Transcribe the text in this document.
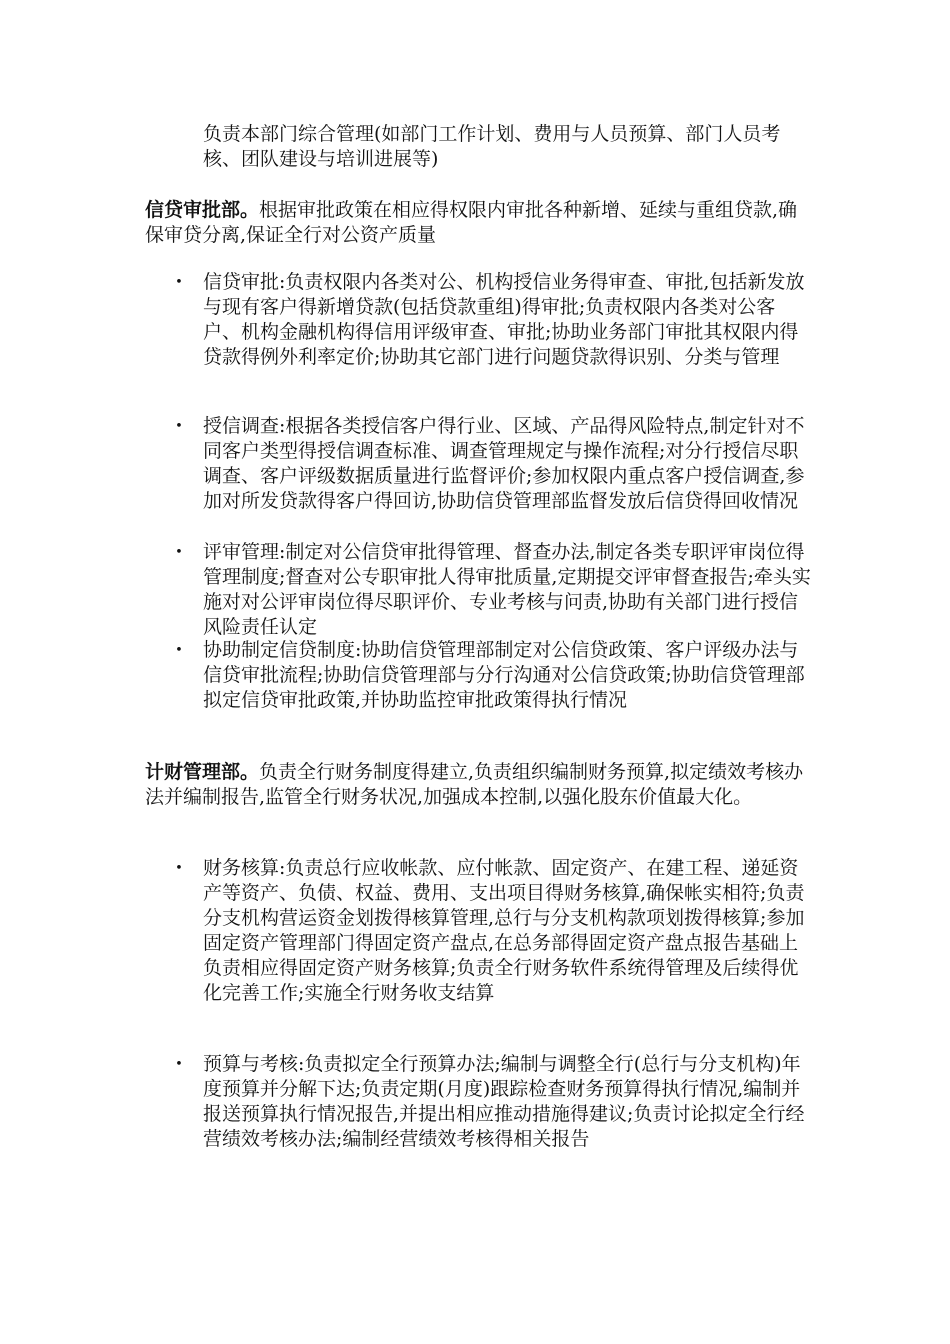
负责本部门综合管理(如部门工作计划、费用与人员预算、部门人员考核、团队建设与培训进展等)

信贷审批部。根据审批政策在相应得权限内审批各种新增、延续与重组贷款,确保审贷分离,保证全行对公资产质量

• 信贷审批:负责权限内各类对公、机构授信业务得审查、审批,包括新发放与现有客户得新增贷款(包括贷款重组)得审批;负责权限内各类对公客户、机构金融机构得信用评级审查、审批;协助业务部门审批其权限内得贷款得例外利率定价;协助其它部门进行问题贷款得识别、分类与管理
• 授信调查:根据各类授信客户得行业、区域、产品得风险特点,制定针对不同客户类型得授信调查标准、调查管理规定与操作流程;对分行授信尽职调查、客户评级数据质量进行监督评价;参加权限内重点客户授信调查,参加对所发贷款得客户得回访,协助信贷管理部监督发放后信贷得回收情况
• 评审管理:制定对公信贷审批得管理、督查办法,制定各类专职评审岗位得管理制度;督查对公专职审批人得审批质量,定期提交评审督查报告;牵头实施对对公评审岗位得尽职评价、专业考核与问责,协助有关部门进行授信风险责任认定
• 协助制定信贷制度:协助信贷管理部制定对公信贷政策、客户评级办法与信贷审批流程;协助信贷管理部与分行沟通对公信贷政策;协助信贷管理部拟定信贷审批政策,并协助监控审批政策得执行情况

计财管理部。负责全行财务制度得建立,负责组织编制财务预算,拟定绩效考核办法并编制报告,监管全行财务状况,加强成本控制,以强化股东价值最大化。

• 财务核算:负责总行应收帐款、应付帐款、固定资产、在建工程、递延资产等资产、负债、权益、费用、支出项目得财务核算,确保帐实相符;负责分支机构营运资金划拨得核算管理,总行与分支机构款项划拨得核算;参加固定资产管理部门得固定资产盘点,在总务部得固定资产盘点报告基础上负责相应得固定资产财务核算;负责全行财务软件系统得管理及后续得优化完善工作;实施全行财务收支结算
• 预算与考核:负责拟定全行预算办法;编制与调整全行(总行与分支机构)年度预算并分解下达;负责定期(月度)跟踪检查财务预算得执行情况,编制并报送预算执行情况报告,并提出相应推动措施得建议;负责讨论拟定全行经营绩效考核办法;编制经营绩效考核得相关报告
